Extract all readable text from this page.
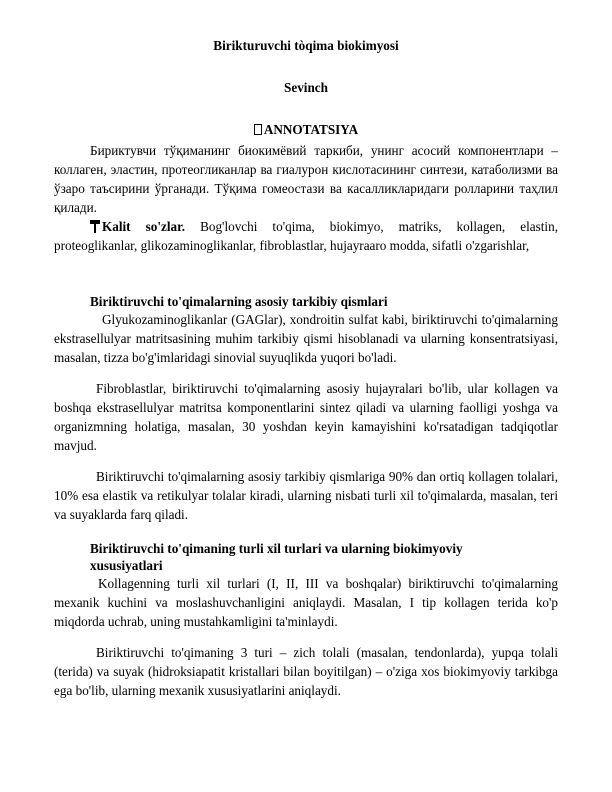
Birikturuvchi tòqima biokimyosi
Sevinch
ANNOTATSIYA

Бириктувчи тўқиманинг биокимёвий таркиби, унинг асосий компонентлари – коллаген, эластин, протеогликанлар ва гиалурон кислотасининг синтези, катаболизми ва ўзаро таъсирини ўрганади. Тўқима гомеостази ва касалликларидаги ролларини таҳлил қилади.

Kalit so'zlar. Bog'lovchi to'qima, biokimyo, matriks, kollagen, elastin, proteoglikanlar, glikozaminoglikanlar, fibroblastlar, hujayraaro modda, sifatli o'zgarishlar,

Biriktiruvchi to'qimalarning asosiy tarkibiy qismlari

Glyukozaminoglikanlar (GAGlar), xondroitin sulfat kabi, biriktiruvchi to'qimalarning ekstrasellulyar matritsasining muhim tarkibiy qismi hisoblanadi va ularning konsentratsiyasi, masalan, tizza bo'g'imlaridagi sinovial suyuqlikda yuqori bo'ladi.

Fibroblastlar, biriktiruvchi to'qimalarning asosiy hujayralari bo'lib, ular kollagen va boshqa ekstrasellulyar matritsa komponentlarini sintez qiladi va ularning faolligi yoshga va organizmning holatiga, masalan, 30 yoshdan keyin kamayishini ko'rsatadigan tadqiqotlar mavjud.

Biriktiruvchi to'qimalarning asosiy tarkibiy qismlariga 90% dan ortiq kollagen tolalari, 10% esa elastik va retikulyar tolalar kiradi, ularning nisbati turli xil to'qimalarda, masalan, teri va suyaklarda farq qiladi.

Biriktiruvchi to'qimaning turli xil turlari va ularning biokimyoviy xususiyatlari

Kollagenning turli xil turlari (I, II, III va boshqalar) biriktiruvchi to'qimalarning mexanik kuchini va moslashuvchanligini aniqlaydi. Masalan, I tip kollagen terida ko'p miqdorda uchrab, uning mustahkamligini ta'minlaydi.

Biriktiruvchi to'qimaning 3 turi – zich tolali (masalan, tendonlarda), yupqa tolali (terida) va suyak (hidroksiapatit kristallari bilan boyitilgan) – o'ziga xos biokimyoviy tarkibga ega bo'lib, ularning mexanik xususiyatlarini aniqlaydi.
